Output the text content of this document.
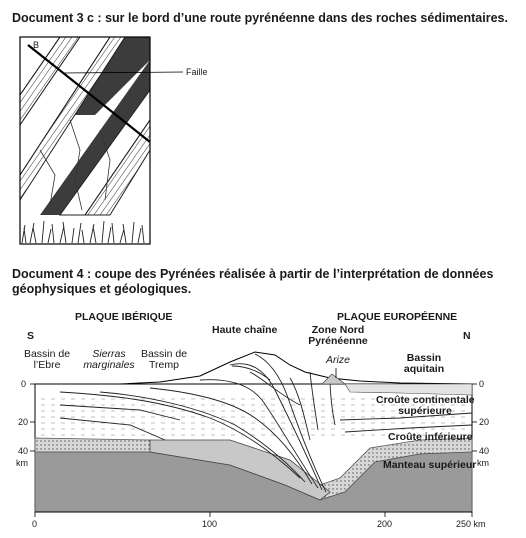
Document 3 c : sur le bord d’une route pyrénéenne dans des roches sédimentaires.
B
Faille
Document 4 : coupe des Pyrénées réalisée à partir de l’interprétation de données géophysiques et géologiques.
PLAQUE IBÉRIQUE	PLAQUE EUROPÉENNE
S	N
Bassin de
l’Ebre
Sierras
marginales
Bassin de
Tremp
Haute chaîne	Zone Nord
Pyrénéenne
Arize	Bassin
aquitain
Croûte continentale
supérieure
Croûte inférieure
Manteau supérieur
0
20
40
km
0
20
40
km
0	100	200	250 km
